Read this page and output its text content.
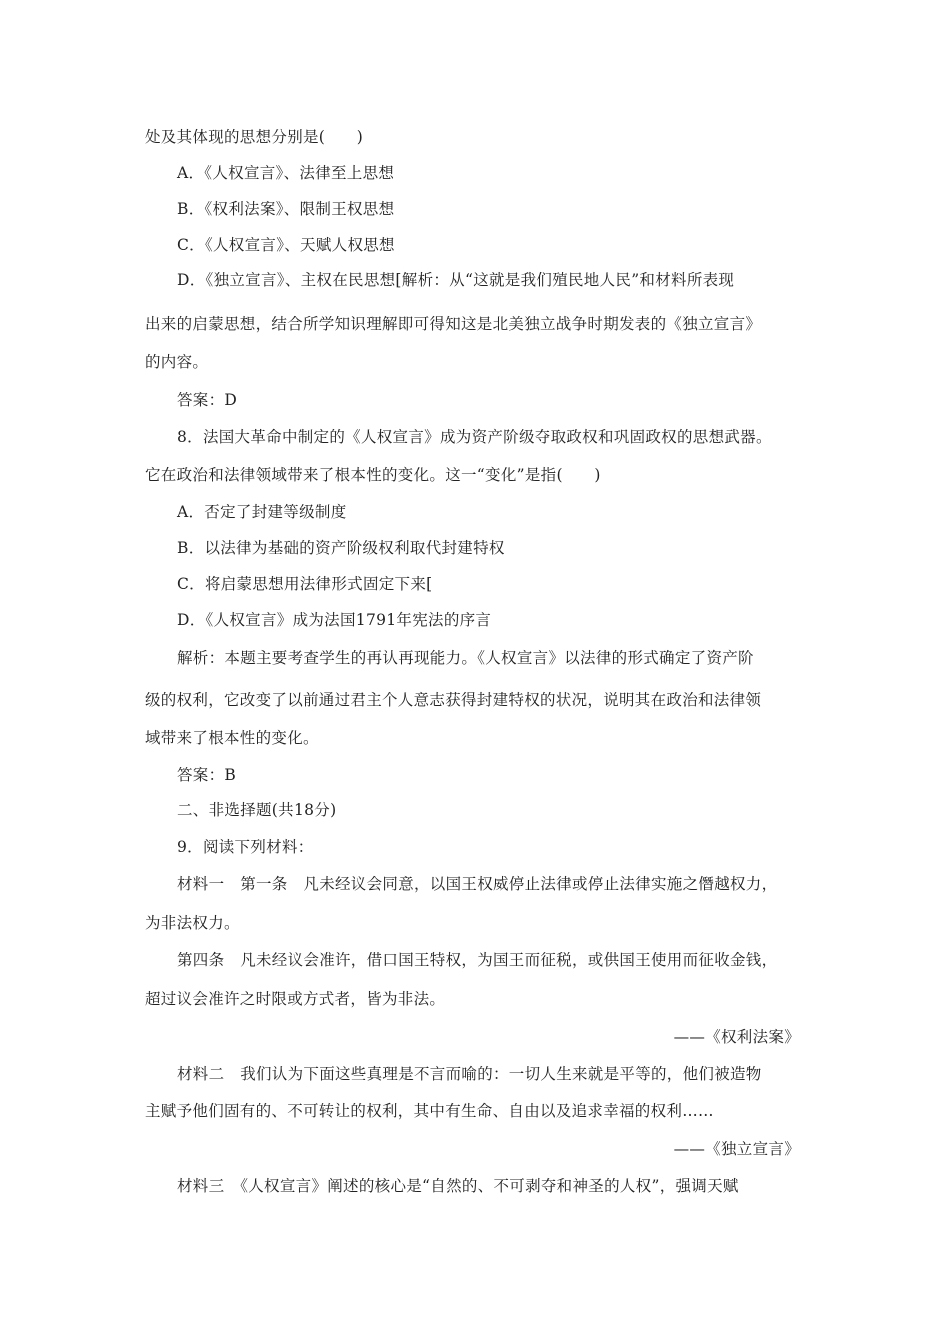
处及其体现的思想分别是(　　)
A．《人权宣言》、法律至上思想
B．《权利法案》、限制王权思想
C．《人权宣言》、天赋人权思想
D．《独立宣言》、主权在民思想[解析：从“这就是我们殖民地人民”和材料所表现
出来的启蒙思想，结合所学知识理解即可得知这是北美独立战争时期发表的《独立宣言》
的内容。
答案：D
8．法国大革命中制定的《人权宣言》成为资产阶级夺取政权和巩固政权的思想武器。
它在政治和法律领域带来了根本性的变化。这一“变化”是指(　　)
A．否定了封建等级制度
B．以法律为基础的资产阶级权利取代封建特权
C．将启蒙思想用法律形式固定下来[
D．《人权宣言》成为法国1791年宪法的序言
解析：本题主要考查学生的再认再现能力。《人权宣言》以法律的形式确定了资产阶
级的权利，它改变了以前通过君主个人意志获得封建特权的状况，说明其在政治和法律领
域带来了根本性的变化。
答案：B
二、非选择题(共18分)
9．阅读下列材料：
材料一　第一条　凡未经议会同意，以国王权威停止法律或停止法律实施之僭越权力，
为非法权力。
第四条　凡未经议会准许，借口国王特权，为国王而征税，或供国王使用而征收金钱，
超过议会准许之时限或方式者，皆为非法。
——《权利法案》
材料二　我们认为下面这些真理是不言而喻的：一切人生来就是平等的，他们被造物
主赋予他们固有的、不可转让的权利，其中有生命、自由以及追求幸福的权利……
——《独立宣言》
材料三　《人权宣言》阐述的核心是“自然的、不可剥夺和神圣的人权”，强调天赋
